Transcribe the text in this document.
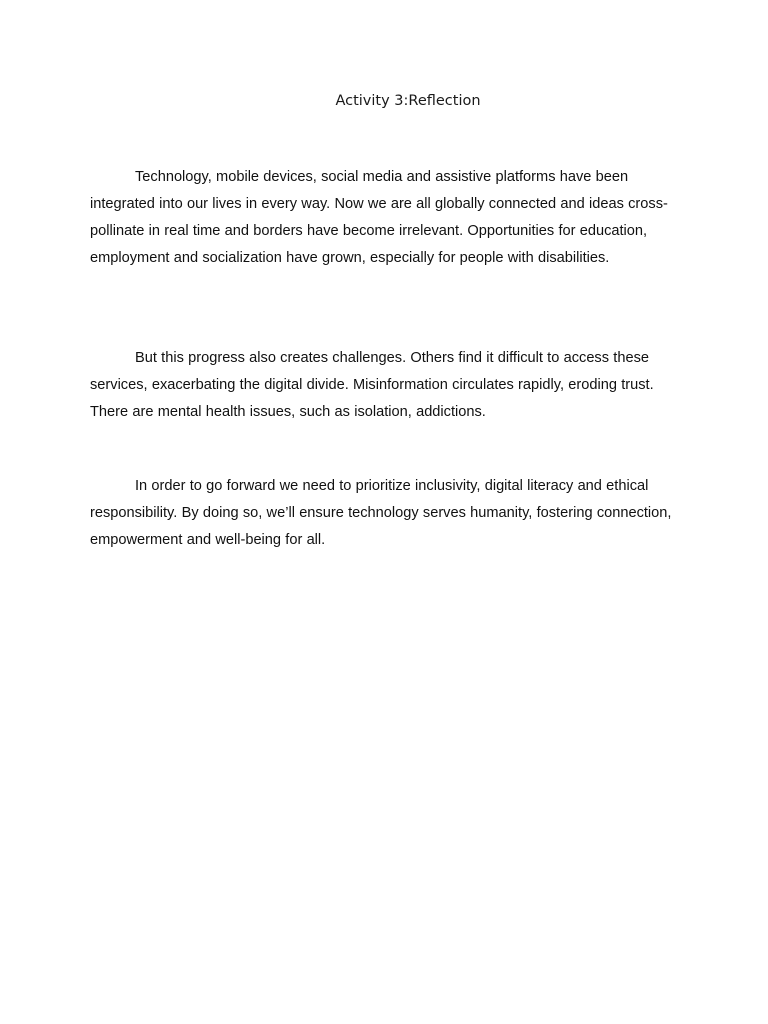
Activity 3:Reflection

Technology, mobile devices, social media and assistive platforms have been integrated into our lives in every way. Now we are all globally connected and ideas cross-pollinate in real time and borders have become irrelevant. Opportunities for education, employment and socialization have grown, especially for people with disabilities.

But this progress also creates challenges. Others find it difficult to access these services, exacerbating the digital divide. Misinformation circulates rapidly, eroding trust. There are mental health issues, such as isolation, addictions.

In order to go forward we need to prioritize inclusivity, digital literacy and ethical responsibility. By doing so, we’ll ensure technology serves humanity, fostering connection, empowerment and well-being for all.
